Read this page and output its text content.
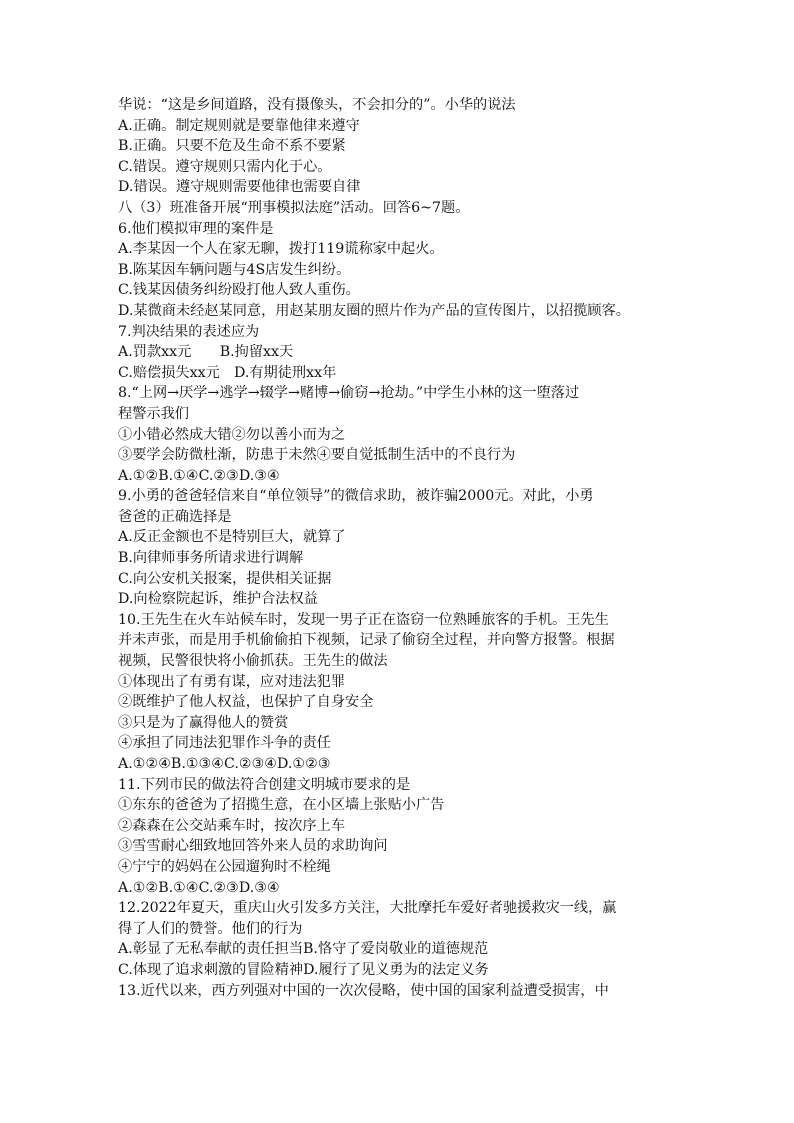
华说：“这是乡间道路，没有摄像头，不会扣分的”。小华的说法
A.正确。制定规则就是要靠他律来遵守
B.正确。只要不危及生命不系不要紧
C.错误。遵守规则只需内化于心。
D.错误。遵守规则需要他律也需要自律
八（3）班准备开展“刑事模拟法庭”活动。回答6~7题。
6.他们模拟审理的案件是
A.李某因一个人在家无聊，拨打119谎称家中起火。
B.陈某因车辆问题与4S店发生纠纷。
C.钱某因债务纠纷殴打他人致人重伤。
D.某微商未经赵某同意，用赵某朋友圈的照片作为产品的宣传图片，以招揽顾客。
7.判决结果的表述应为
A.罚款xx元　　B.拘留xx天
C.赔偿损失xx元　D.有期徒刑xx年
8.“上网→厌学→逃学→辍学→赌博→偷窃→抢劫。”中学生小林的这一堕落过
程警示我们
①小错必然成大错②勿以善小而为之
③要学会防微杜渐，防患于未然④要自觉抵制生活中的不良行为
A.①②B.①④C.②③D.③④
9.小勇的爸爸轻信来自“单位领导”的微信求助，被诈骗2000元。对此，小勇
爸爸的正确选择是
A.反正金额也不是特别巨大，就算了
B.向律师事务所请求进行调解
C.向公安机关报案，提供相关证据
D.向检察院起诉，维护合法权益
10.王先生在火车站候车时，发现一男子正在盗窃一位熟睡旅客的手机。王先生
并未声张，而是用手机偷偷拍下视频，记录了偷窃全过程，并向警方报警。根据
视频，民警很快将小偷抓获。王先生的做法
①体现出了有勇有谋，应对违法犯罪
②既维护了他人权益，也保护了自身安全
③只是为了赢得他人的赞赏
④承担了同违法犯罪作斗争的责任
A.①②④B.①③④C.②③④D.①②③
11.下列市民的做法符合创建文明城市要求的是
①东东的爸爸为了招揽生意，在小区墙上张贴小广告
②森森在公交站乘车时，按次序上车
③雪雪耐心细致地回答外来人员的求助询问
④宁宁的妈妈在公园遛狗时不栓绳
A.①②B.①④C.②③D.③④
12.2022年夏天，重庆山火引发多方关注，大批摩托车爱好者驰援救灾一线，赢
得了人们的赞誉。他们的行为
A.彰显了无私奉献的责任担当B.恪守了爱岗敬业的道德规范
C.体现了追求刺激的冒险精神D.履行了见义勇为的法定义务
13.近代以来，西方列强对中国的一次次侵略，使中国的国家利益遭受损害，中
